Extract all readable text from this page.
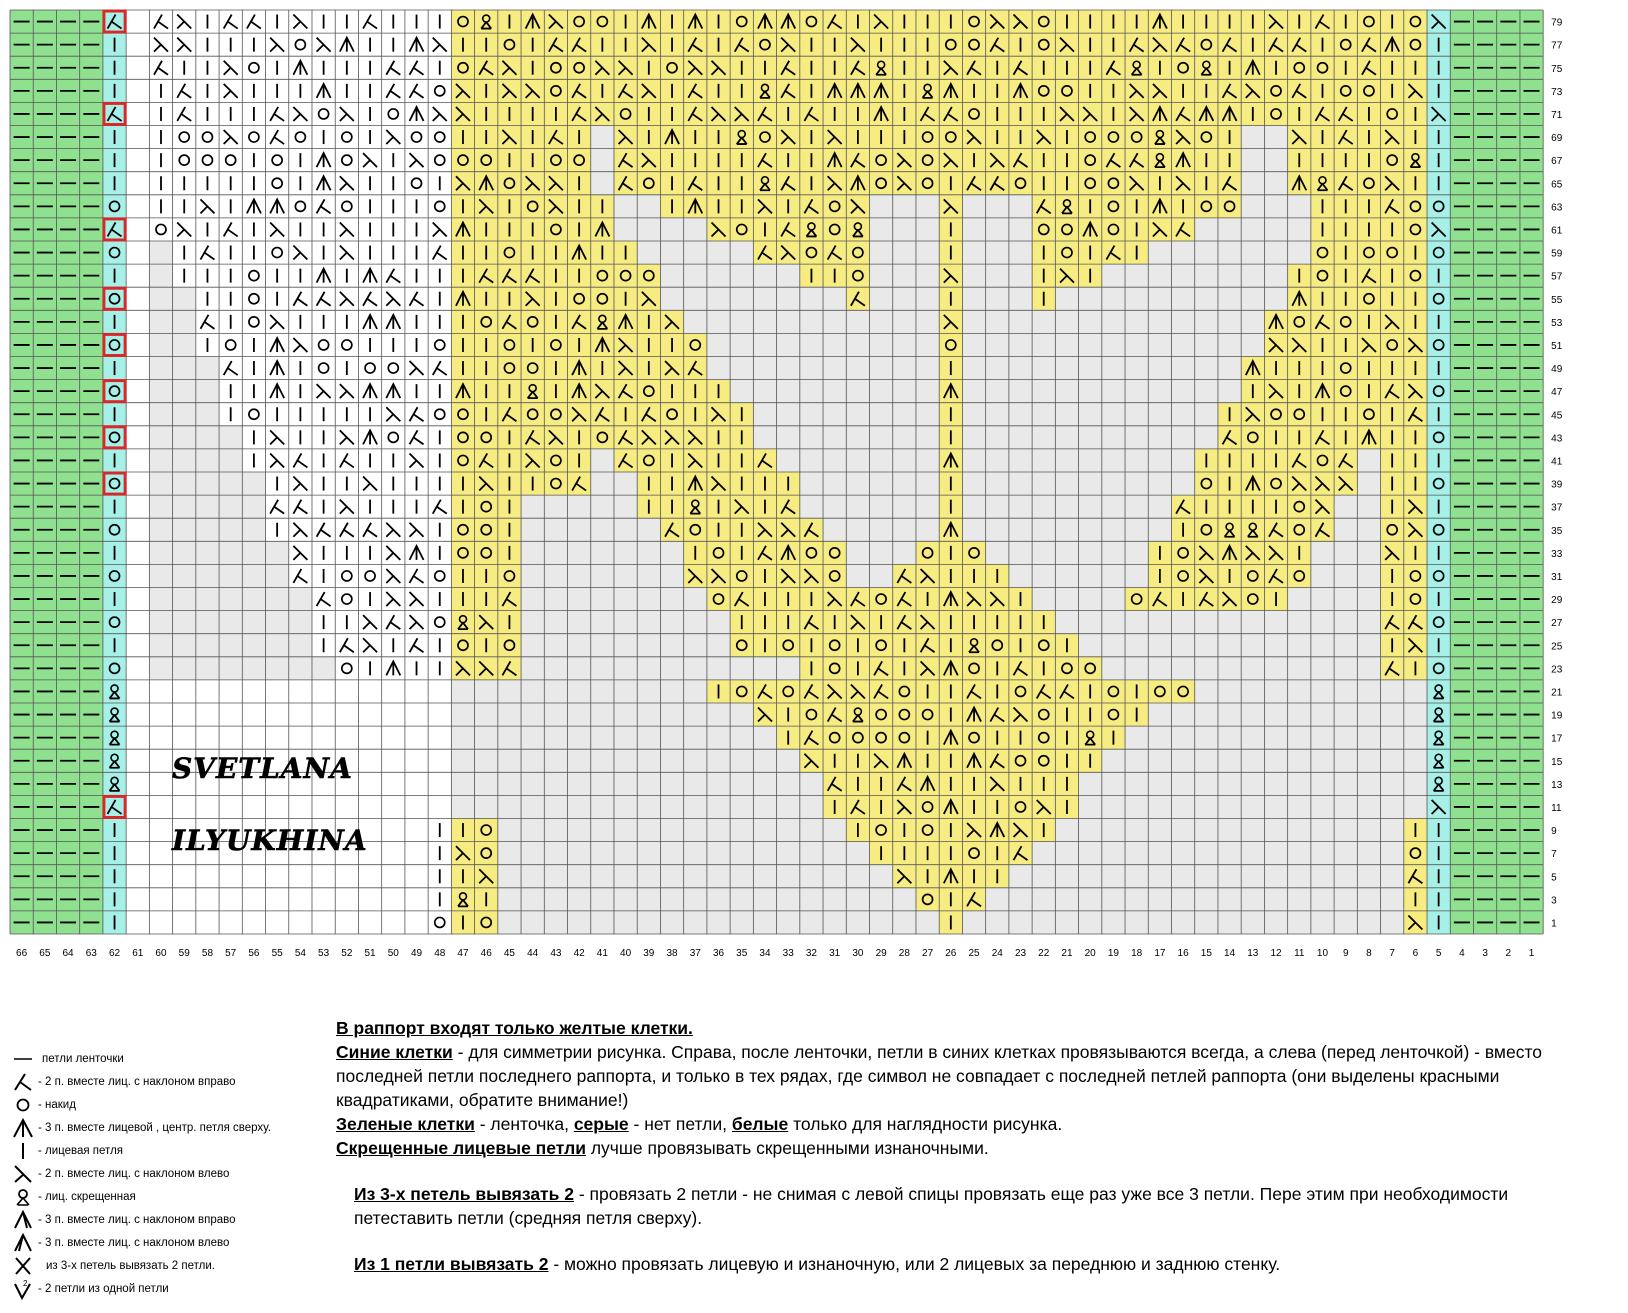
79
77
75
73
71
69
67
65
63
61
59
57
55
53
51
49
47
45
43
41
39
37
35
33
31
29
27
25
23
21
19
17
15
13
11
9
7
5
3
1
66 65 64 63 62 61 60 59 58 57 56 55 54 53 52 51 50 49 48 47 46 45 44 43 42 41 40 39 38 37 36 35 34 33 32 31 30 29 28 27 26 25 24 23 22 21 20 19 18 17 16 15 14 13 12 11 10 9 8 7 6 5 4 3 2 1
SVETLANA
ILYUKHINA
петли ленточки
- 2 п. вместе лиц. с наклоном вправо
- накид
- 3 п. вместе лицевой , центр. петля сверху.
- лицевая петля
- 2 п. вместе лиц. с наклоном влево
- лиц. скрещенная
- 3 п. вместе лиц. с наклоном вправо
- 3 п. вместе лиц. с наклоном влево
из 3-х петель вывязать 2 петли.
2 - 2 петли из одной петли

В раппорт входят только желтые клетки.

Синие клетки - для симметрии рисунка. Справа, после ленточки, петли в синих клетках провязываются всегда, а слева (перед ленточкой) - вместо последней петли последнего раппорта, и только в тех рядах, где символ не совпадает с последней петлей раппорта (они выделены красными квадратиками, обратите внимание!)

Зеленые клетки - ленточка, серые - нет петли, белые только для наглядности рисунка.

Скрещенные лицевые петли лучше провязывать скрещенными изнаночными.

Из 3-х петель вывязать 2 - провязать 2 петли - не снимая с левой спицы провязать еще раз уже все 3 петли. Пере этим при необходимости петеставить петли (средняя петля сверху).

Из 1 петли вывязать 2 - можно провязать лицевую и изнаночную, или 2 лицевых за переднюю и заднюю стенку.
